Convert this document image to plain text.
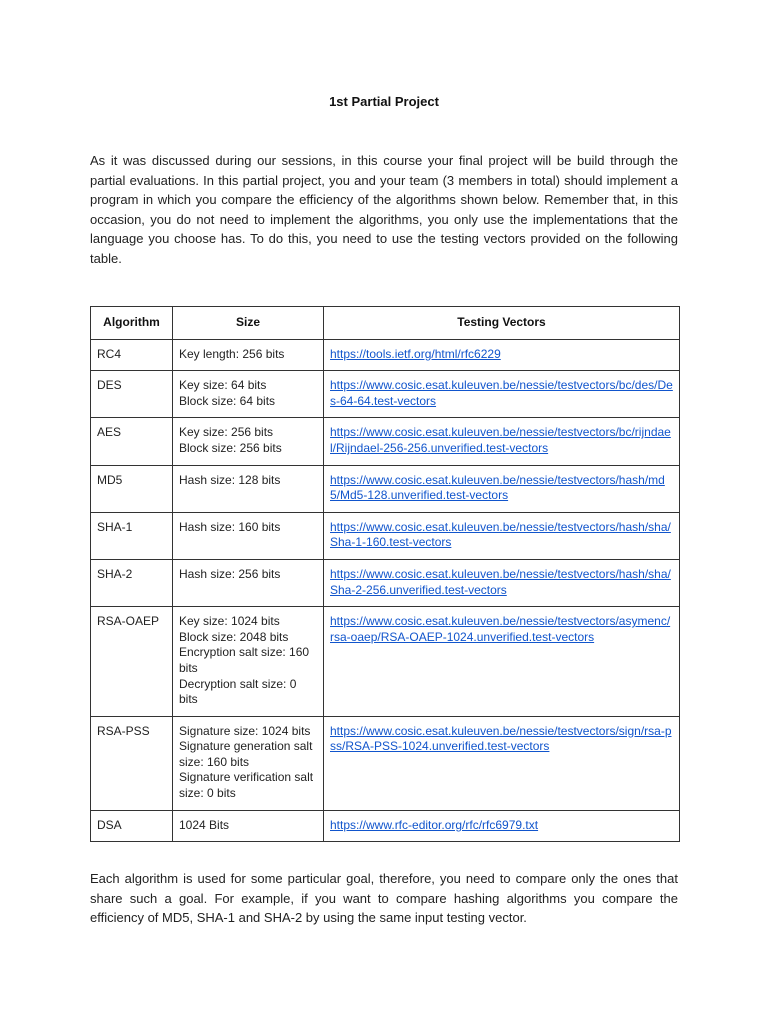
1st Partial Project
As it was discussed during our sessions, in this course your final project will be build through the partial evaluations. In this partial project, you and your team (3 members in total) should implement a program in which you compare the efficiency of the algorithms shown below. Remember that, in this occasion, you do not need to implement the algorithms, you only use the implementations that the language you choose has. To do this, you need to use the testing vectors provided on the following table.
Algorithm	Size	Testing Vectors
RC4	Key length: 256 bits	https://tools.ietf.org/html/rfc6229
DES	Key size: 64 bits
Block size: 64 bits	https://www.cosic.esat.kuleuven.be/nessie/testvectors/bc/des/Des-64-64.test-vectors
AES	Key size: 256 bits
Block size: 256 bits	https://www.cosic.esat.kuleuven.be/nessie/testvectors/bc/rijndael/Rijndael-256-256.unverified.test-vectors
MD5	Hash size: 128 bits	https://www.cosic.esat.kuleuven.be/nessie/testvectors/hash/md5/Md5-128.unverified.test-vectors
SHA-1	Hash size: 160 bits	https://www.cosic.esat.kuleuven.be/nessie/testvectors/hash/sha/Sha-1-160.test-vectors
SHA-2	Hash size: 256 bits	https://www.cosic.esat.kuleuven.be/nessie/testvectors/hash/sha/Sha-2-256.unverified.test-vectors
RSA-OAEP	Key size: 1024 bits
Block size: 2048 bits
Encryption salt size: 160 bits
Decryption salt size: 0 bits	https://www.cosic.esat.kuleuven.be/nessie/testvectors/asymenc/rsa-oaep/RSA-OAEP-1024.unverified.test-vectors
RSA-PSS	Signature size: 1024 bits
Signature generation salt size: 160 bits
Signature verification salt size: 0 bits	https://www.cosic.esat.kuleuven.be/nessie/testvectors/sign/rsa-pss/RSA-PSS-1024.unverified.test-vectors
DSA	1024 Bits	https://www.rfc-editor.org/rfc/rfc6979.txt
Each algorithm is used for some particular goal, therefore, you need to compare only the ones that share such a goal. For example, if you want to compare hashing algorithms you compare the efficiency of MD5, SHA-1 and SHA-2 by using the same input testing vector.
